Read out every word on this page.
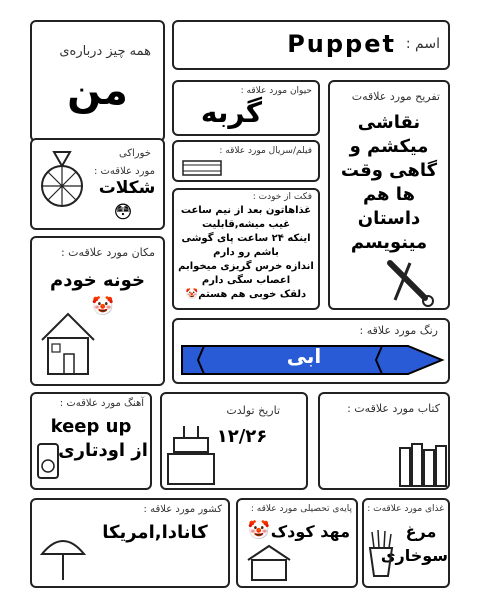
همه چیز درباره‌ی
من
اسم :
Puppet
حیوان مورد علاقه :
گربه	تفریح مورد علاقه‌ت
نقاشی
میکشم و
گاهی وقت
ها هم
داستان
مینویسم
فیلم/سریال مورد علاقه :
خوراکی
مورد علاقه‌ت :
شکلات
😳
فکت از خودت :
غذاهاتون بعد از نیم ساعت
غیب میشه,قابلیت
اینکه ۲۴ ساعت پای گوشی
باشم رو دارم
اندازه خرس گریزی میخوابم
اعصاب سگی دارم
دلقک خوبی هم هستم🤡
مکان مورد علاقه‌ت :
خونه خودم
🤡
رنگ مورد علاقه :
ابی
آهنگ مورد علاقه‌ت :
keep up
از اودتاری
تاریخ تولدت
۱۲/۲۶
کتاب مورد علاقه‌ت :
کشور مورد علاقه :
کانادا,امریکا
پایه‌ی تحصیلی مورد علاقه :
مهد کودک
🤡
غذای مورد علاقه‌ت :
مرغ
سوخاری
